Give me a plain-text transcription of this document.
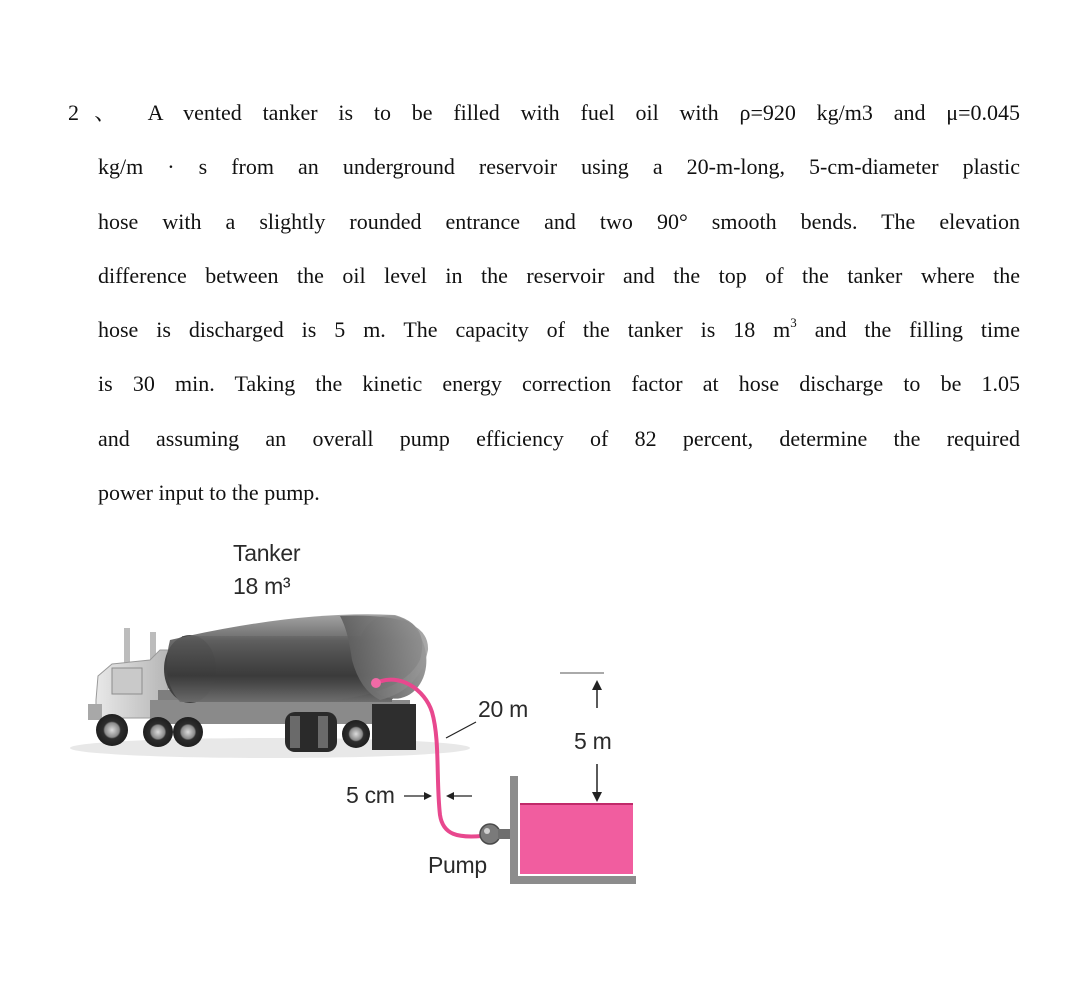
2、 A vented tanker is to be filled with fuel oil with ρ=920 kg/m3 and μ=0.045
kg/m · s from an underground reservoir using a 20-m-long, 5-cm-diameter plastic
hose with a slightly rounded entrance and two 90° smooth bends. The elevation
difference between the oil level in the reservoir and the top of the tanker where the
hose is discharged is 5 m. The capacity of the tanker is 18 $m^3$ and the filling time
is 30 min. Taking the kinetic energy correction factor at hose discharge to be 1.05
and assuming an overall pump efficiency of 82 percent, determine the required
power input to the pump.
Tanker
18 m³
20 m
5 m
5 cm
Pump
